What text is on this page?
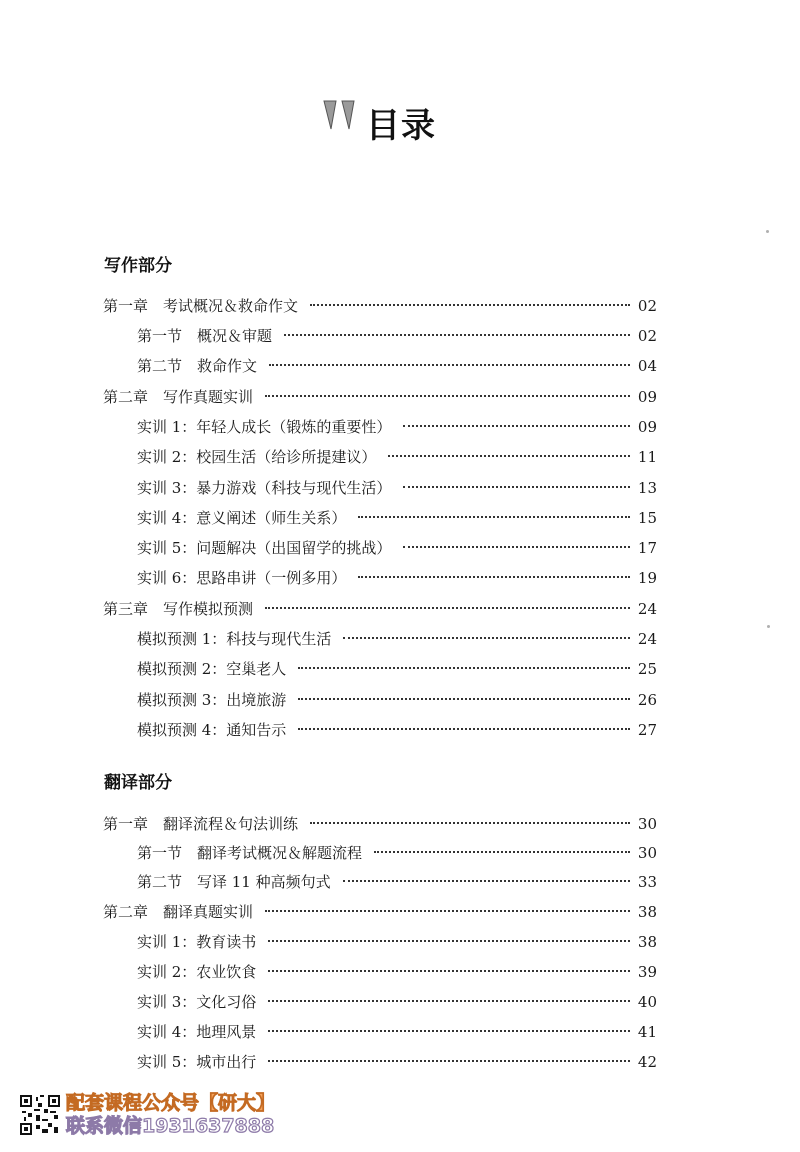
目录
写作部分
第一章　考试概况＆救命作文	02
第一节　概况＆审题	02
第二节　救命作文	04
第二章　写作真题实训	09
实训 1：年轻人成长（锻炼的重要性）	09
实训 2：校园生活（给诊所提建议）	11
实训 3：暴力游戏（科技与现代生活）	13
实训 4：意义阐述（师生关系）	15
实训 5：问题解决（出国留学的挑战）	17
实训 6：思路串讲（一例多用）	19
第三章　写作模拟预测	24
模拟预测 1：科技与现代生活	24
模拟预测 2：空巢老人	25
模拟预测 3：出境旅游	26
模拟预测 4：通知告示	27
翻译部分
第一章　翻译流程＆句法训练	30
第一节　翻译考试概况＆解题流程	30
第二节　写译 11 种高频句式	33
第二章　翻译真题实训	38
实训 1：教育读书	38
实训 2：农业饮食	39
实训 3：文化习俗	40
实训 4：地理风景	41
实训 5：城市出行	42
配套课程公众号【研大】
联系微信1931637888
